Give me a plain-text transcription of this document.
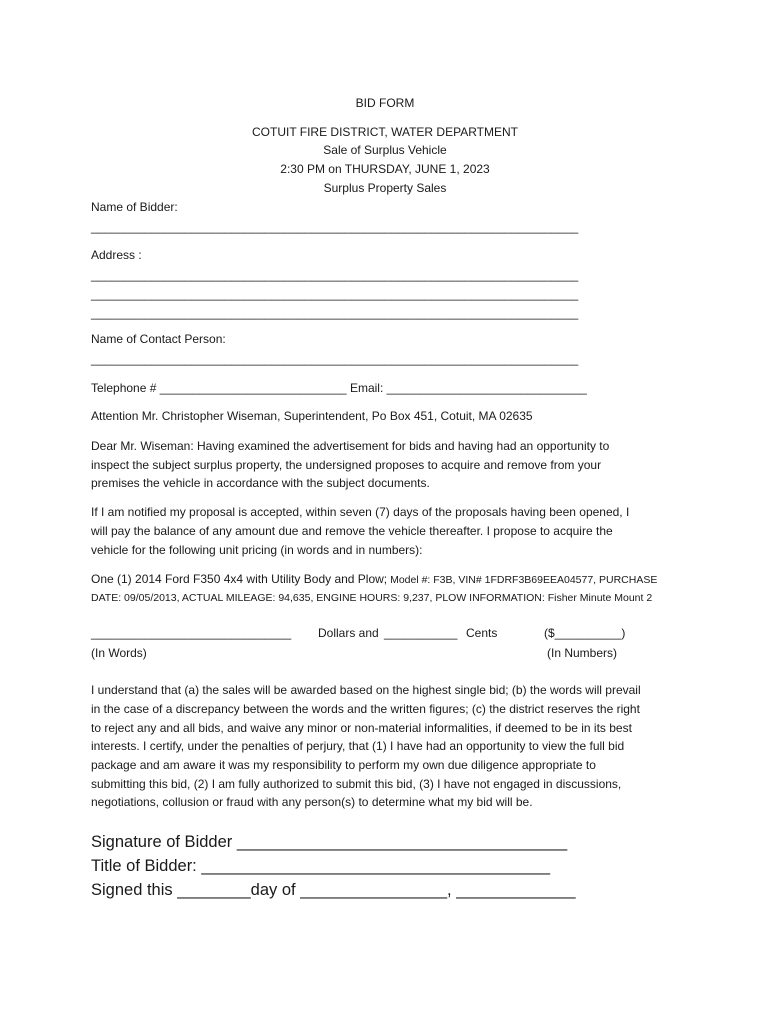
BID FORM
COTUIT FIRE DISTRICT, WATER DEPARTMENT
Sale of Surplus Vehicle
2:30 PM on THURSDAY, JUNE 1, 2023
Surplus Property Sales
Name of Bidder:
_________________________________________________________________________
Address :
_________________________________________________________________________
_________________________________________________________________________
_________________________________________________________________________
Name of Contact Person:
_________________________________________________________________________
Telephone # ____________________________ Email: ______________________________
Attention Mr. Christopher Wiseman, Superintendent, Po Box 451, Cotuit, MA 02635
Dear Mr. Wiseman: Having examined the advertisement for bids and having had an opportunity to
inspect the subject surplus property, the undersigned proposes to acquire and remove from your
premises the vehicle in accordance with the subject documents.
If I am notified my proposal is accepted, within seven (7) days of the proposals having been opened, I
will pay the balance of any amount due and remove the vehicle thereafter. I propose to acquire the
vehicle for the following unit pricing (in words and in numbers):
One (1) 2014 Ford F350 4x4 with Utility Body and Plow; Model #: F3B, VIN# 1FDRF3B69EEA04577, PURCHASE
DATE: 09/05/2013, ACTUAL MILEAGE: 94,635, ENGINE HOURS: 9,237, PLOW INFORMATION: Fisher Minute Mount 2
______________________________ Dollars and ___________ Cents	($__________)
(In Words)	(In Numbers)
I understand that (a) the sales will be awarded based on the highest single bid; (b) the words will prevail
in the case of a discrepancy between the words and the written figures; (c) the district reserves the right
to reject any and all bids, and waive any minor or non-material informalities, if deemed to be in its best
interests. I certify, under the penalties of perjury, that (1) I have had an opportunity to view the full bid
package and am aware it was my responsibility to perform my own due diligence appropriate to
submitting this bid, (2) I am fully authorized to submit this bid, (3) I have not engaged in discussions,
negotiations, collusion or fraud with any person(s) to determine what my bid will be.
Signature of Bidder ____________________________________
Title of Bidder: ______________________________________
Signed this ________day of ________________, _____________
